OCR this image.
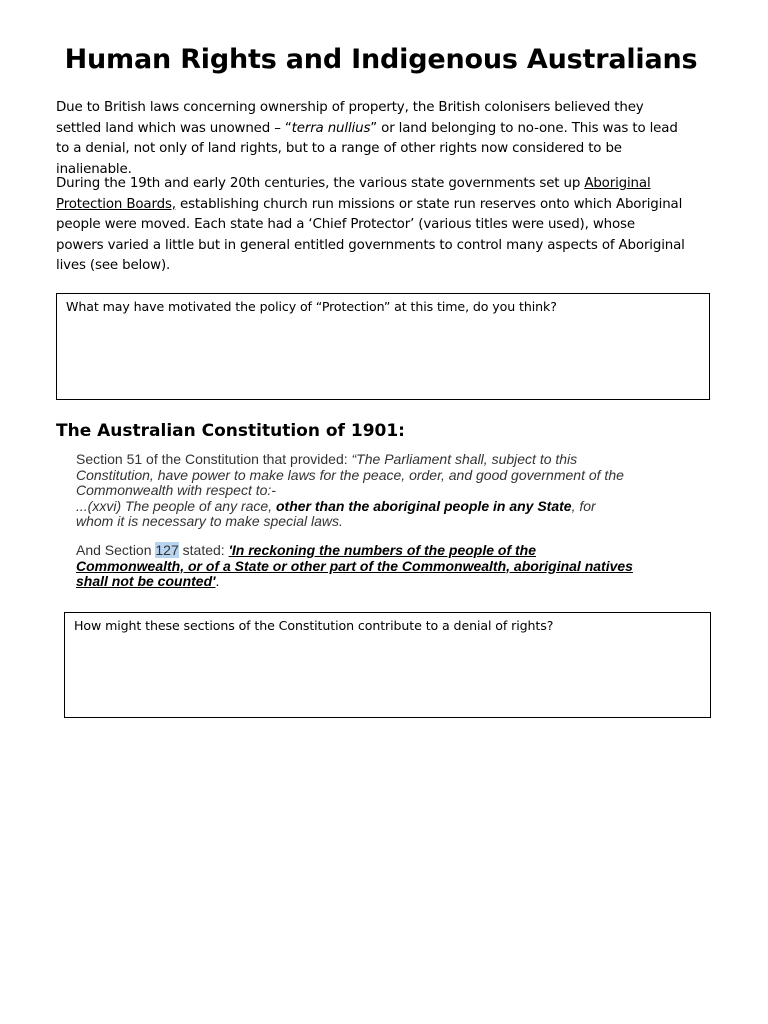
Human Rights and Indigenous Australians

Due to British laws concerning ownership of property, the British colonisers believed they settled land which was unowned – “terra nullius” or land belonging to no-one. This was to lead to a denial, not only of land rights, but to a range of other rights now considered to be inalienable.

During the 19th and early 20th centuries, the various state governments set up Aboriginal Protection Boards, establishing church run missions or state run reserves onto which Aboriginal people were moved. Each state had a ‘Chief Protector’ (various titles were used), whose powers varied a little but in general entitled governments to control many aspects of Aboriginal lives (see below).

What may have motivated the policy of “Protection” at this time, do you think?
The Australian Constitution of 1901:
Section 51 of the Constitution that provided: “The Parliament shall, subject to this Constitution, have power to make laws for the peace, order, and good government of the Commonwealth with respect to:-
...(xxvi) The people of any race, other than the aboriginal people in any State, for whom it is necessary to make special laws.
And Section 127 stated: 'In reckoning the numbers of the people of the Commonwealth, or of a State or other part of the Commonwealth, aboriginal natives shall not be counted'.
How might these sections of the Constitution contribute to a denial of rights?
